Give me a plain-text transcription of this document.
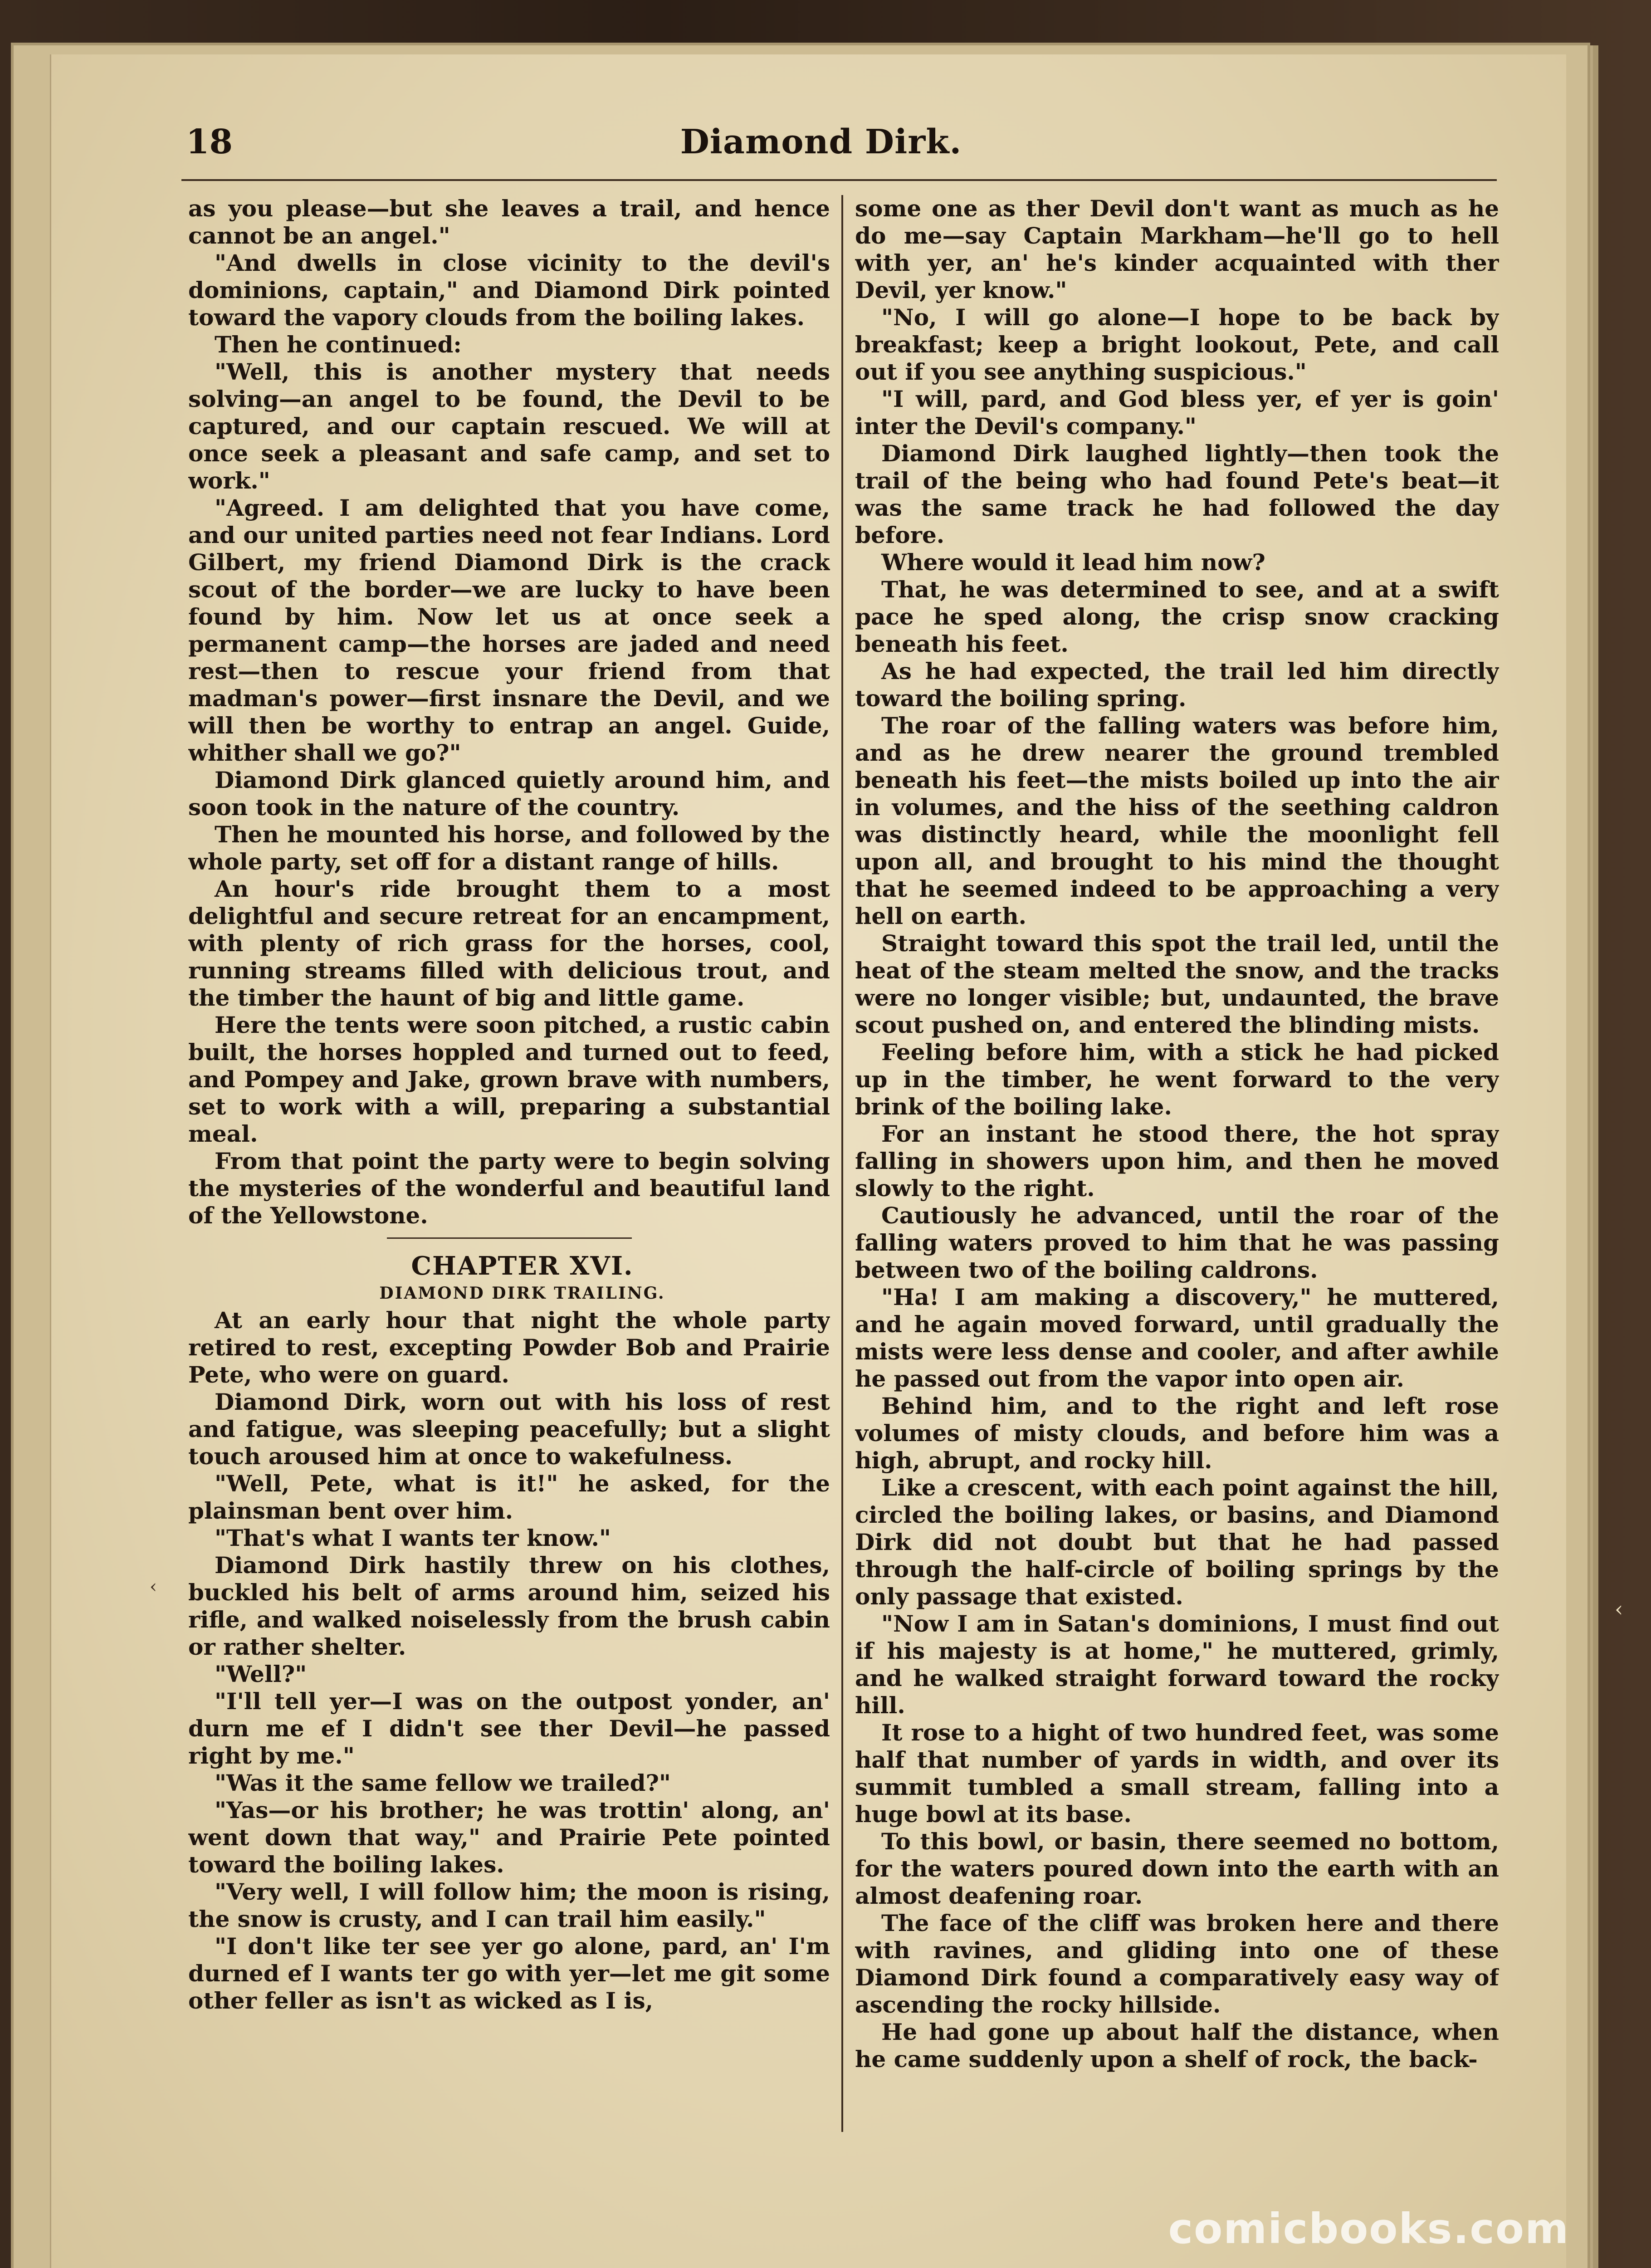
18	Diamond Dirk.

as you please—but she leaves a trail, and hence cannot be an angel."

"And dwells in close vicinity to the devil's dominions, captain," and Diamond Dirk pointed toward the vapory clouds from the boiling lakes.

Then he continued:

"Well, this is another mystery that needs solving—an angel to be found, the Devil to be captured, and our captain rescued. We will at once seek a pleasant and safe camp, and set to work."

"Agreed. I am delighted that you have come, and our united parties need not fear Indians. Lord Gilbert, my friend Diamond Dirk is the crack scout of the border—we are lucky to have been found by him. Now let us at once seek a permanent camp—the horses are jaded and need rest—then to rescue your friend from that madman's power—first insnare the Devil, and we will then be worthy to entrap an angel. Guide, whither shall we go?"

Diamond Dirk glanced quietly around him, and soon took in the nature of the country.

Then he mounted his horse, and followed by the whole party, set off for a distant range of hills.

An hour's ride brought them to a most delightful and secure retreat for an encampment, with plenty of rich grass for the horses, cool, running streams filled with delicious trout, and the timber the haunt of big and little game.

Here the tents were soon pitched, a rustic cabin built, the horses hoppled and turned out to feed, and Pompey and Jake, grown brave with numbers, set to work with a will, preparing a substantial meal.

From that point the party were to begin solving the mysteries of the wonderful and beautiful land of the Yellowstone.

CHAPTER XVI.

DIAMOND DIRK TRAILING.

At an early hour that night the whole party retired to rest, excepting Powder Bob and Prairie Pete, who were on guard.

Diamond Dirk, worn out with his loss of rest and fatigue, was sleeping peacefully; but a slight touch aroused him at once to wakefulness.

"Well, Pete, what is it!" he asked, for the plainsman bent over him.

"That's what I wants ter know."

Diamond Dirk hastily threw on his clothes, buckled his belt of arms around him, seized his rifle, and walked noiselessly from the brush cabin or rather shelter.

"Well?"

"I'll tell yer—I was on the outpost yonder, an' durn me ef I didn't see ther Devil—he passed right by me."

"Was it the same fellow we trailed?"

"Yas—or his brother; he was trottin' along, an' went down that way," and Prairie Pete pointed toward the boiling lakes.

"Very well, I will follow him; the moon is rising, the snow is crusty, and I can trail him easily."

"I don't like ter see yer go alone, pard, an' I'm durned ef I wants ter go with yer—let me git some other feller as isn't as wicked as I is,

some one as ther Devil don't want as much as he do me—say Captain Markham—he'll go to hell with yer, an' he's kinder acquainted with ther Devil, yer know."

"No, I will go alone—I hope to be back by breakfast; keep a bright lookout, Pete, and call out if you see anything suspicious."

"I will, pard, and God bless yer, ef yer is goin' inter the Devil's company."

Diamond Dirk laughed lightly—then took the trail of the being who had found Pete's beat—it was the same track he had followed the day before.

Where would it lead him now?

That, he was determined to see, and at a swift pace he sped along, the crisp snow cracking beneath his feet.

As he had expected, the trail led him directly toward the boiling spring.

The roar of the falling waters was before him, and as he drew nearer the ground trembled beneath his feet—the mists boiled up into the air in volumes, and the hiss of the seething caldron was distinctly heard, while the moonlight fell upon all, and brought to his mind the thought that he seemed indeed to be approaching a very hell on earth.

Straight toward this spot the trail led, until the heat of the steam melted the snow, and the tracks were no longer visible; but, undaunted, the brave scout pushed on, and entered the blinding mists.

Feeling before him, with a stick he had picked up in the timber, he went forward to the very brink of the boiling lake.

For an instant he stood there, the hot spray falling in showers upon him, and then he moved slowly to the right.

Cautiously he advanced, until the roar of the falling waters proved to him that he was passing between two of the boiling caldrons.

"Ha! I am making a discovery," he muttered, and he again moved forward, until gradually the mists were less dense and cooler, and after awhile he passed out from the vapor into open air.

Behind him, and to the right and left rose volumes of misty clouds, and before him was a high, abrupt, and rocky hill.

Like a crescent, with each point against the hill, circled the boiling lakes, or basins, and Diamond Dirk did not doubt but that he had passed through the half-circle of boiling springs by the only passage that existed.

"Now I am in Satan's dominions, I must find out if his majesty is at home," he muttered, grimly, and he walked straight forward toward the rocky hill.

It rose to a hight of two hundred feet, was some half that number of yards in width, and over its summit tumbled a small stream, falling into a huge bowl at its base.

To this bowl, or basin, there seemed no bottom, for the waters poured down into the earth with an almost deafening roar.

The face of the cliff was broken here and there with ravines, and gliding into one of these Diamond Dirk found a comparatively easy way of ascending the rocky hillside.

He had gone up about half the distance, when he came suddenly upon a shelf of rock, the back-

‹
‹
comicbooks.com
